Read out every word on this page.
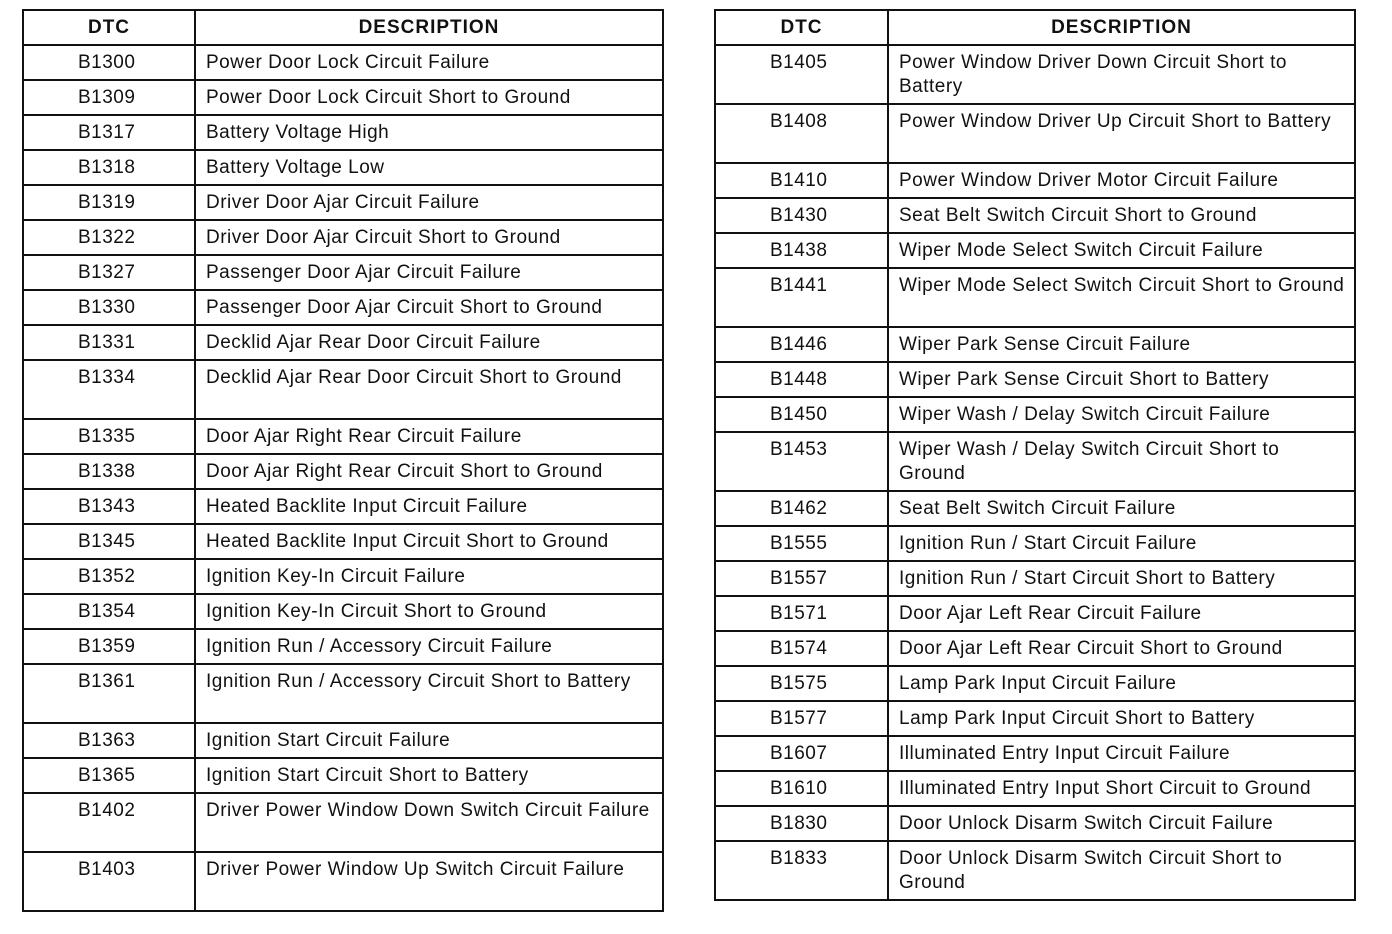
DTC	DESCRIPTION
B1300	Power Door Lock Circuit Failure
B1309	Power Door Lock Circuit Short to Ground
B1317	Battery Voltage High
B1318	Battery Voltage Low
B1319	Driver Door Ajar Circuit Failure
B1322	Driver Door Ajar Circuit Short to Ground
B1327	Passenger Door Ajar Circuit Failure
B1330	Passenger Door Ajar Circuit Short to Ground
B1331	Decklid Ajar Rear Door Circuit Failure
B1334	Decklid Ajar Rear Door Circuit Short to Ground
B1335	Door Ajar Right Rear Circuit Failure
B1338	Door Ajar Right Rear Circuit Short to Ground
B1343	Heated Backlite Input Circuit Failure
B1345	Heated Backlite Input Circuit Short to Ground
B1352	Ignition Key-In Circuit Failure
B1354	Ignition Key-In Circuit Short to Ground
B1359	Ignition Run / Accessory Circuit Failure
B1361	Ignition Run / Accessory Circuit Short to Battery
B1363	Ignition Start Circuit Failure
B1365	Ignition Start Circuit Short to Battery
B1402	Driver Power Window Down Switch Circuit Failure
B1403	Driver Power Window Up Switch Circuit Failure
DTC	DESCRIPTION
B1405	Power Window Driver Down Circuit Short to Battery
B1408	Power Window Driver Up Circuit Short to Battery
B1410	Power Window Driver Motor Circuit Failure
B1430	Seat Belt Switch Circuit Short to Ground
B1438	Wiper Mode Select Switch Circuit Failure
B1441	Wiper Mode Select Switch Circuit Short to Ground
B1446	Wiper Park Sense Circuit Failure
B1448	Wiper Park Sense Circuit Short to Battery
B1450	Wiper Wash / Delay Switch Circuit Failure
B1453	Wiper Wash / Delay Switch Circuit Short to Ground
B1462	Seat Belt Switch Circuit Failure
B1555	Ignition Run / Start Circuit Failure
B1557	Ignition Run / Start Circuit Short to Battery
B1571	Door Ajar Left Rear Circuit Failure
B1574	Door Ajar Left Rear Circuit Short to Ground
B1575	Lamp Park Input Circuit Failure
B1577	Lamp Park Input Circuit Short to Battery
B1607	Illuminated Entry Input Circuit Failure
B1610	Illuminated Entry Input Short Circuit to Ground
B1830	Door Unlock Disarm Switch Circuit Failure
B1833	Door Unlock Disarm Switch Circuit Short to Ground
